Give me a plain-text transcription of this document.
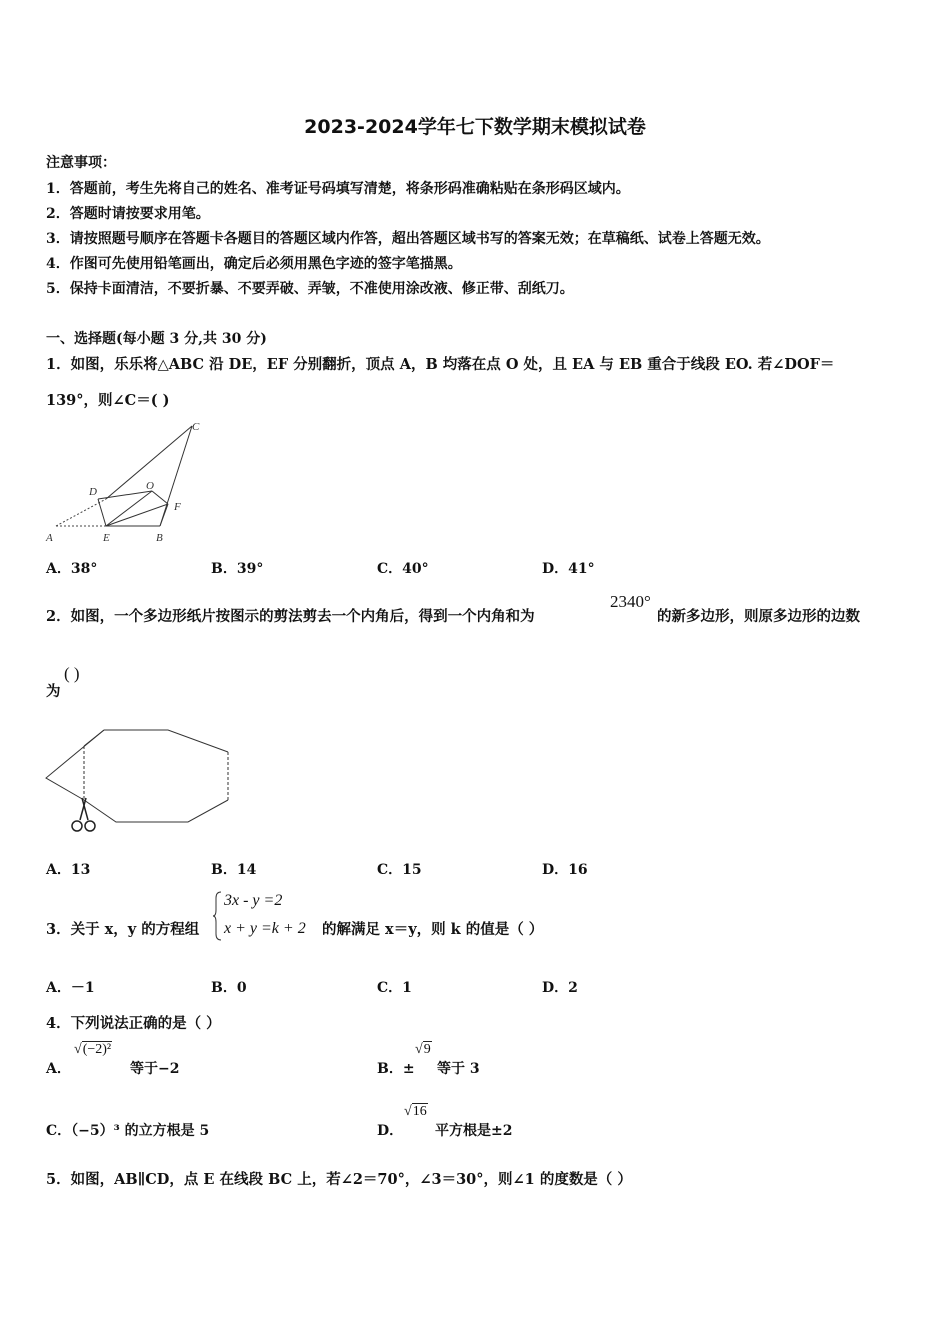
2023-2024学年七下数学期末模拟试卷
注意事项：
1．答题前，考生先将自己的姓名、准考证号码填写清楚，将条形码准确粘贴在条形码区域内。
2．答题时请按要求用笔。
3．请按照题号顺序在答题卡各题目的答题区域内作答，超出答题区域书写的答案无效；在草稿纸、试卷上答题无效。
4．作图可先使用铅笔画出，确定后必须用黑色字迹的签字笔描黑。
5．保持卡面清洁，不要折暴、不要弄破、弄皱，不准使用涂改液、修正带、刮纸刀。
一、选择题(每小题 3 分,共 30 分)
1．如图，乐乐将△ABC 沿 DE，EF 分别翻折，顶点 A，B 均落在点 O 处，且 EA 与 EB 重合于线段 EO. 若∠DOF＝
139°，则∠C＝( )
C
D	O
F
A	E	B
A．38°	B．39°	C．40°	D．41°
2．如图，一个多边形纸片按图示的剪法剪去一个内角后，得到一个内角和为
2340°
的新多边形，则原多边形的边数
为
( )
A．13	B．14	C．15	D．16
3．关于 x，y 的方程组
3x - y =2
x + y =k + 2 的解满足 x＝y，则 k 的值是（ ）
A．－1	B．0	C．1	D．2
4．下列说法正确的是（ ）
A．
√(−2)²
等于−2	B．±
√9
等于 3
C．（−5）³ 的立方根是 5	D．
√16
平方根是±2
5．如图，AB∥CD，点 E 在线段 BC 上，若∠2＝70°，∠3＝30°，则∠1 的度数是（ ）
